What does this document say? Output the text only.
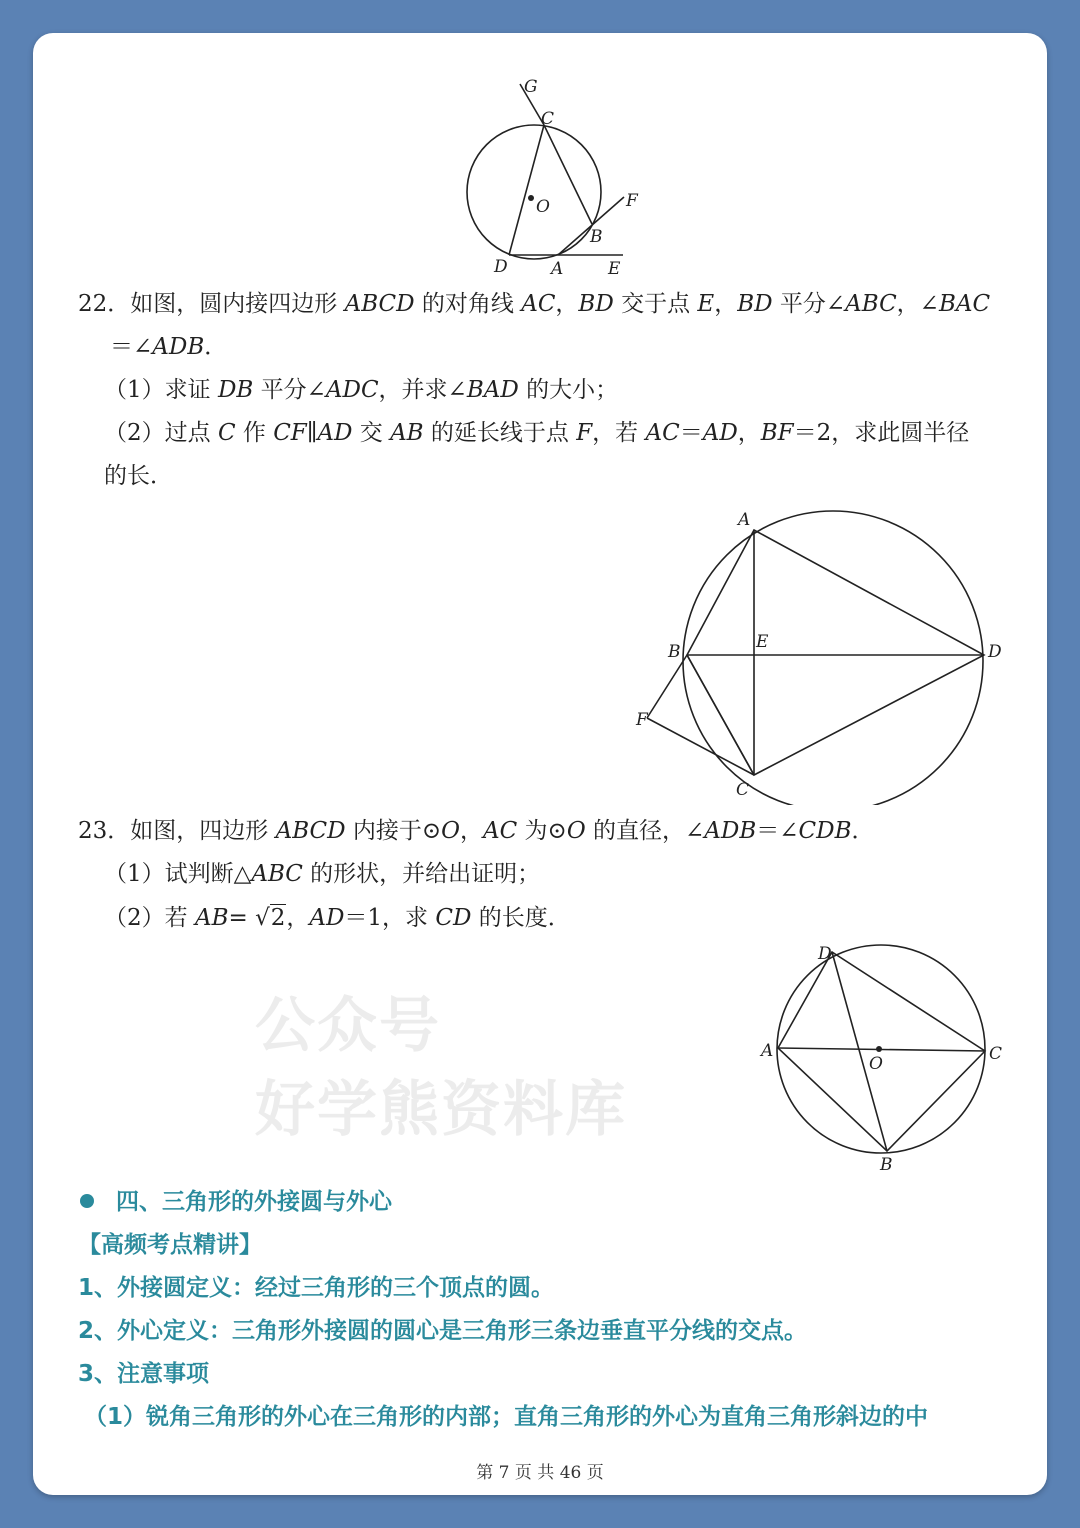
G
C
O	F
B
D	A	E
22．如图，圆内接四边形 ABCD 的对角线 AC，BD 交于点 E，BD 平分∠ABC，∠BAC
＝∠ADB．
（1）求证 DB 平分∠ADC，并求∠BAD 的大小；
（2）过点 C 作 CF∥AD 交 AB 的延长线于点 F，若 AC＝AD，BF＝2，求此圆半径
的长．
A
B	E	D
F
C
23．如图，四边形 ABCD 内接于⊙O，AC 为⊙O 的直径，∠ADB＝∠CDB．
（1）试判断△ABC 的形状，并给出证明；
（2）若 AB= √2，AD＝1，求 CD 的长度．
公众号
好学熊资料库
D
A
O	C
B
四、三角形的外接圆与外心
【高频考点精讲】
1、外接圆定义：经过三角形的三个顶点的圆。
2、外心定义：三角形外接圆的圆心是三角形三条边垂直平分线的交点。
3、注意事项
（1）锐角三角形的外心在三角形的内部；直角三角形的外心为直角三角形斜边的中
第 7 页 共 46 页
